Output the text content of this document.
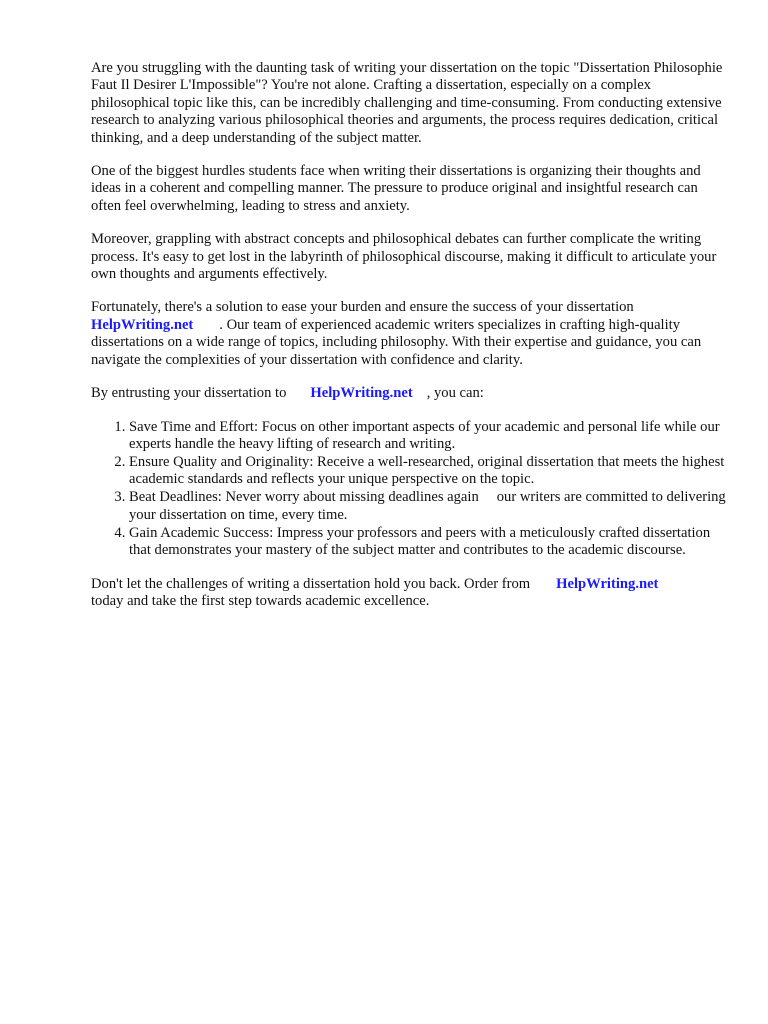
Are you struggling with the daunting task of writing your dissertation on the topic "Dissertation Philosophie Faut Il Desirer L'Impossible"? You're not alone. Crafting a dissertation, especially on a complex philosophical topic like this, can be incredibly challenging and time-consuming. From conducting extensive research to analyzing various philosophical theories and arguments, the process requires dedication, critical thinking, and a deep understanding of the subject matter.

One of the biggest hurdles students face when writing their dissertations is organizing their thoughts and ideas in a coherent and compelling manner. The pressure to produce original and insightful research can often feel overwhelming, leading to stress and anxiety.

Moreover, grappling with abstract concepts and philosophical debates can further complicate the writing process. It's easy to get lost in the labyrinth of philosophical discourse, making it difficult to articulate your own thoughts and arguments effectively.

Fortunately, there's a solution to ease your burden and ensure the success of your dissertation
HelpWriting.net . Our team of experienced academic writers specializes in crafting high-quality dissertations on a wide range of topics, including philosophy. With their expertise and guidance, you can navigate the complexities of your dissertation with confidence and clarity.

By entrusting your dissertation to HelpWriting.net , you can:

1. Save Time and Effort: Focus on other important aspects of your academic and personal life while our experts handle the heavy lifting of research and writing.
2. Ensure Quality and Originality: Receive a well-researched, original dissertation that meets the highest academic standards and reflects your unique perspective on the topic.
3. Beat Deadlines: Never worry about missing deadlines again our writers are committed to delivering your dissertation on time, every time.
4. Gain Academic Success: Impress your professors and peers with a meticulously crafted dissertation that demonstrates your mastery of the subject matter and contributes to the academic discourse.

Don't let the challenges of writing a dissertation hold you back. Order from HelpWriting.net
today and take the first step towards academic excellence.
